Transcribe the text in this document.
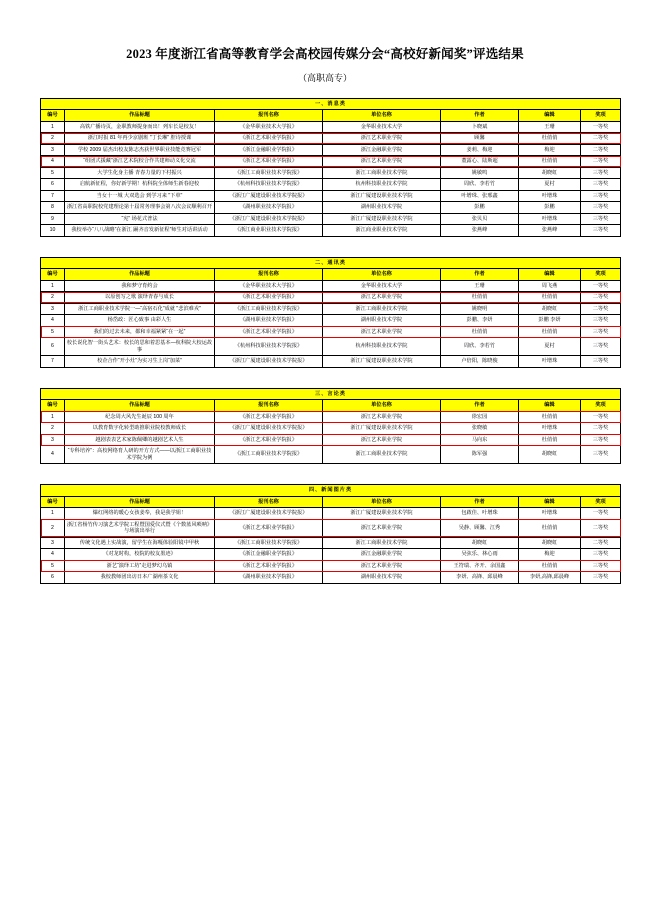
2023 年度浙江省高等教育学会高校园传媒分会“高校好新闻奖”评选结果
（高职高专）
一、消息类						
编号	作品标题	报刊名称	单位名称	作者	编辑	奖项
1	高铁广播诗页，金职教师提身而出！列车长是校友！	《金华职业技术大学报》	金华职业技术大学	卜晓斌	王珊	一等奖
2	浙江时报 81 年再少京剧班 "丁长琳" 腔诗授课	《浙江艺术职业学院报》	浙江艺术职业学院	顾馨	杜俏俏	二等奖
3	学校 2009 届杰出校友陈志杰获世界职业技能竞赛冠军	《浙江金融职业学院报》	浙江金融职业学院	姜莉、梅迎	梅迎	二等奖
4	“组团式援藏”浙江艺术院校合作共建师动义化交流	《浙江艺术职业学院报》	浙江艺术职业学院	董露心、陆斯超	杜俏俏	二等奖
5	大学生化身主播 青春力量的下村振兴	《浙江工商职业技术学院报》	浙江工商职业技术学院	姚敏鸣	胡晓虹	三等奖
6	启航新征程，你好新学期！杭科院全体师生新春迎校	《杭州科技职业技术学院报》	杭州科技职业技术学院	周欣、李若竹	夏村	三等奖
7	当女十一城 大双选会 到学习来 "下单"	《浙江广厦建设职业技术学院报》	浙江广厦建设职业技术学院	叶增珠、张邢鑫	叶增珠	三等奖
8	浙江省高职院校党建理论第十届常务理事会第八次会议顺利召开	《湖州职业技术学院报》	湖州职业技术学院	彭鹏	彭鹏	三等奖
9	“宪” 场花式普法	《浙江广厦建设职业技术学院报》	浙江广厦建设职业技术学院	张贝贝	叶增珠	三等奖
10	我校举办“八八战略”在浙江 踊齐音发新征程”师生对话讲活动	《浙江商业职业技术学院报》	浙江商业职业技术学院	张燕峰	张燕峰	三等奖
二、通讯类						
编号	作品标题	报刊名称	单位名称	作者	编辑	奖项
1	我和梦守育约会	《金华职业技术大学报》	金华职业技术大学	王珊	周飞燕	一等奖
2	以原创写之歌 演绎青春与成长	《浙江艺术职业学院报》	浙江艺术职业学院	杜俏俏	杜俏俏	二等奖
3	浙江工商职业技术学院一—“高宿石化”成就 "悲滨难戎"	《浙江工商职业技术学院报》	浙江工商职业技术学院	姚晓明	胡晓虹	二等奖
4	杨岱政：匠心致事 由彩人生	《湖州职业技术学院报》	湖州职业技术学院	彭鹏、李妍	彭鹏 李妍	三等奖
5	我们的过去未来，都和幸福紧紧“在一起”	《浙江艺术职业学院报》	浙江艺术职业学院	杜俏俏	杜俏俏	三等奖
6	校长说化智一街头艺术：校长的思和着思基本—杭科院大校运故事	《杭州科技职业技术学院报》	杭州科技职业技术学院	周欣、李若竹	夏村	三等奖
7	校企合作“开小灶”为实习生上岗“加菜”	《浙江广厦建设职业技术学院报》	浙江广厦建设职业技术学院	卢倍阳，陈晓俊	叶增珠	三等奖
三、言论类						
编号	作品标题	报刊名称	单位名称	作者	编辑	奖项
1	纪念周大风先生诞辰 100 周年	《浙江艺术职业学院报》	浙江艺术职业学院	徐宏园	杜俏俏	一等奖
2	以教育数字化转型助推职业院校教师成长	《浙江广厦建设职业技术学院报》	浙江广厦建设职业技术学院	张晓敏	叶增珠	二等奖
3	越剧表表艺术家陈佩卿的越剧艺术人生	《浙江艺术职业学院报》	浙江艺术职业学院	马向东	杜俏俏	三等奖
4	“专科培养”：高校网络育人研的开方方式——以浙江工商职业技术学院为例	《浙江工商职业技术学院报》	浙江工商职业技术学院	陈军强	胡晓虹	三等奖
四、新闻图片类						
编号	作品标题	报刊名称	单位名称	作者	编辑	奖项
1	爆红网络的暖心女孩姜奉，我是我学姐！	《浙江广厦建设职业技术学院报》	浙江广厦建设职业技术学院	包啟佳、叶增珠	叶增珠	一等奖
2	浙江省杨竹传习演艺术学院工程暨国爱仪式暨《个数蓝风唢呐》与场演出举行	《浙江艺术职业学院报》	浙江艺术职业学院	吴静、顾馨、江秀	杜俏俏	二等奖
3	传统文化遇上实战演，留学生在海嘎体验阳镜中甲秋	《浙江工商职业技术学院报》	浙江工商职业技术学院	胡晓虹	胡晓虹	二等奖
4	《对龙时构，校院的校友墨迹》	《浙江金融职业学院报》	浙江金融职业学院	吴弦乐、林心雨	梅迎	三等奖
5	浙艺“演绎工坊”走进梦幻乌镇	《浙江艺术职业学院报》	浙江艺术职业学院	王符瑞、齐开、余国鑫	杜俏俏	三等奖
6	我校教师团出访日本广湖州茶文化	《湖州职业技术学院报》	湖州职业技术学院	李妍、高锋、邱晨峰	李妍,高锋,邱晨峰	三等奖
